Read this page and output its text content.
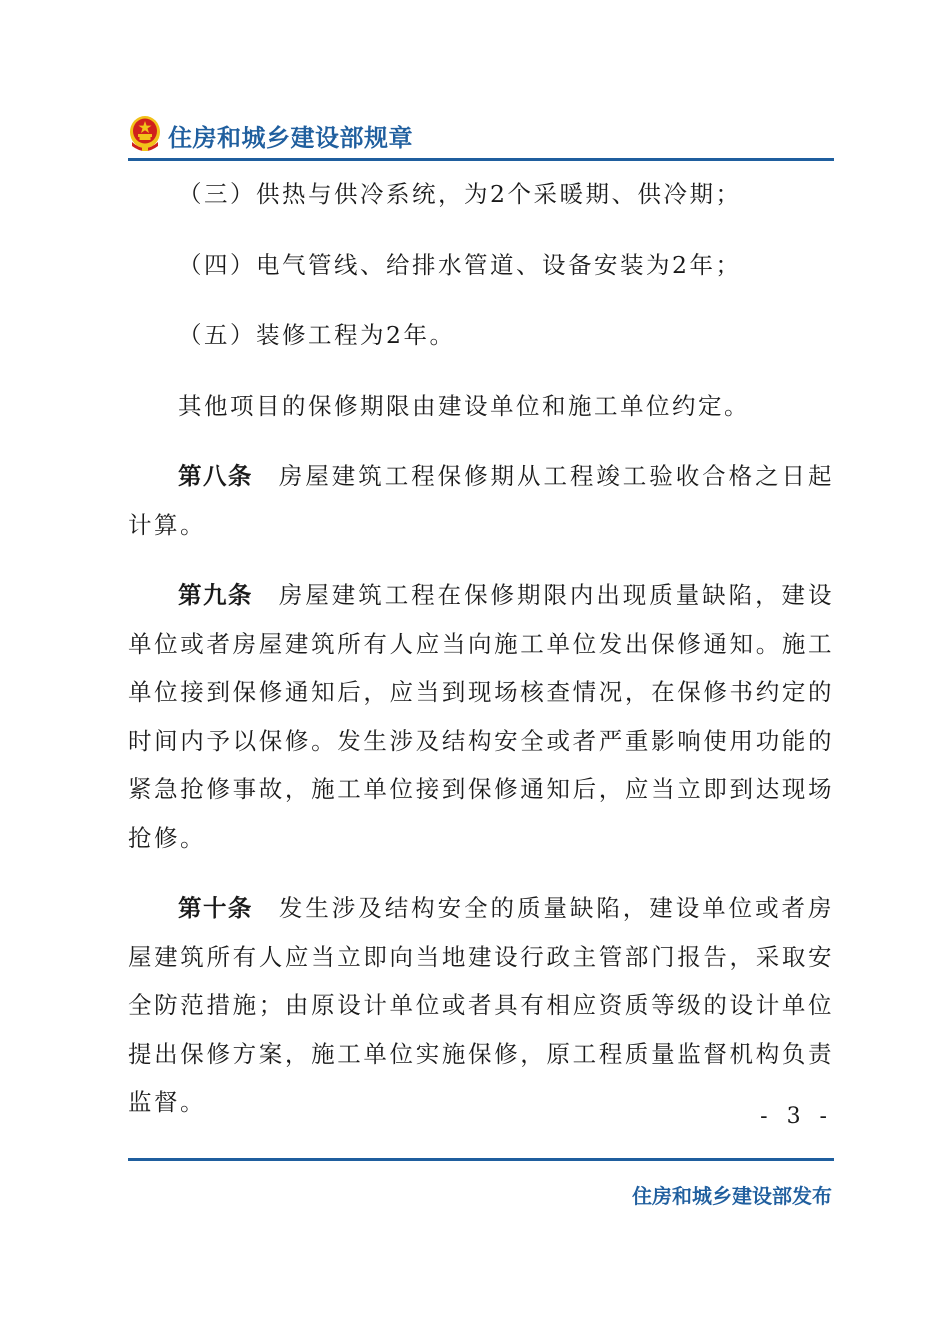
住房和城乡建设部规章

（三）供热与供冷系统，为2个采暖期、供冷期；

（四）电气管线、给排水管道、设备安装为2年；

（五）装修工程为2年。

其他项目的保修期限由建设单位和施工单位约定。

第八条 房屋建筑工程保修期从工程竣工验收合格之日起计算。

第九条 房屋建筑工程在保修期限内出现质量缺陷，建设单位或者房屋建筑所有人应当向施工单位发出保修通知。施工单位接到保修通知后，应当到现场核查情况，在保修书约定的时间内予以保修。发生涉及结构安全或者严重影响使用功能的紧急抢修事故，施工单位接到保修通知后，应当立即到达现场抢修。

第十条 发生涉及结构安全的质量缺陷，建设单位或者房屋建筑所有人应当立即向当地建设行政主管部门报告，采取安全防范措施；由原设计单位或者具有相应资质等级的设计单位提出保修方案，施工单位实施保修，原工程质量监督机构负责监督。

- 3 -
住房和城乡建设部发布
